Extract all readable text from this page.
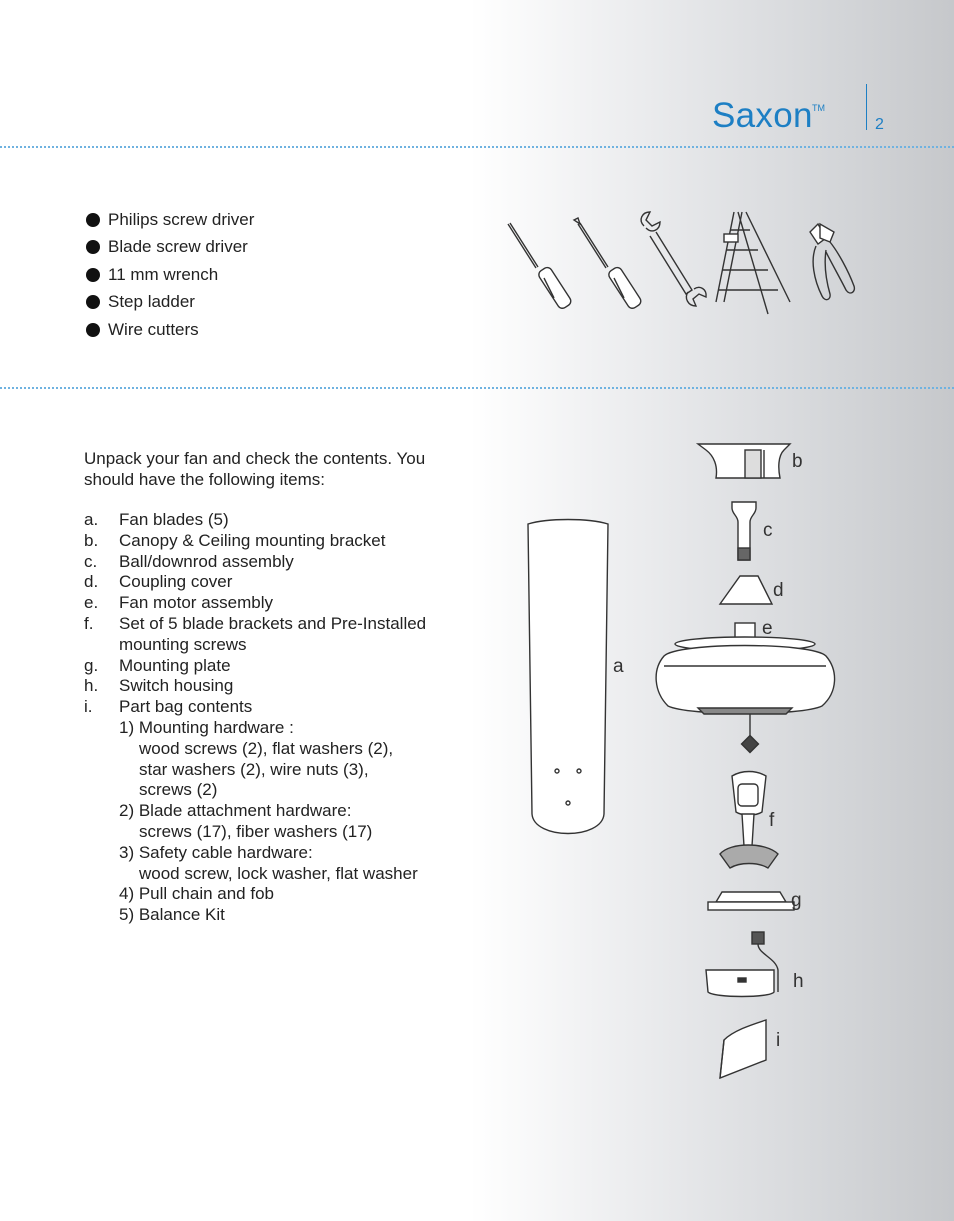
Saxon TM
2
Philips screw driver
Blade screw driver
11 mm wrench
Step ladder
Wire cutters

Unpack your fan and check the contents. You should have the following items:

a.	Fan blades (5)
b.	Canopy & Ceiling mounting bracket
c.	Ball/downrod assembly
d.	Coupling cover
e.	Fan motor assembly
f.	Set of 5 blade brackets and Pre-Installed
mounting screws
g.	Mounting plate
h.	Switch housing
i.	Part bag contents
1) Mounting hardware :
wood screws (2), flat washers (2),
star washers (2), wire nuts (3),
screws (2)
2) Blade attachment hardware:
screws (17), fiber washers (17)
3) Safety cable hardware:
wood screw, lock washer, flat washer
4) Pull chain and fob
5) Balance Kit
a
b
c
d
e
f
g
h
i
